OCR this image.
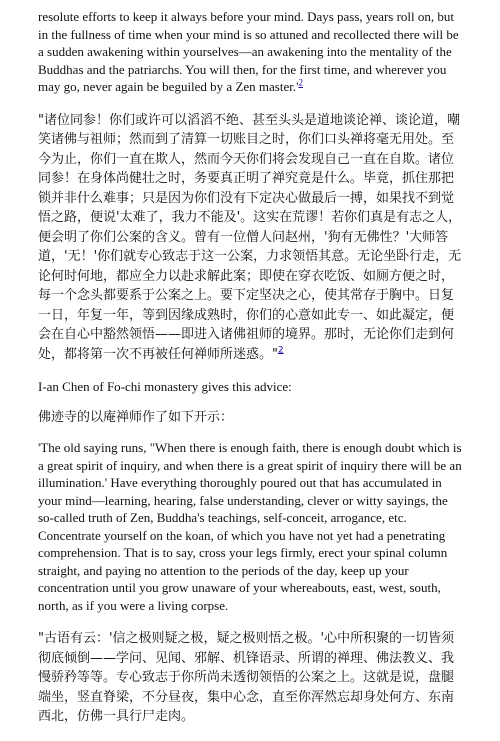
resolute efforts to keep it always before your mind. Days pass, years roll on, but in the fullness of time when your mind is so attuned and recollected there will be a sudden awakening within yourselves—an awakening into the mentality of the Buddhas and the patriarchs. You will then, for the first time, and wherever you may go, never again be beguiled by a Zen master.'$^2$

"诸位同参！你们或许可以滔滔不绝、甚至头头是道地谈论禅、谈论道，嘲笑诸佛与祖师；然而到了清算一切账目之时，你们口头禅将毫无用处。至今为止，你们一直在欺人，然而今天你们将会发现自己一直在自欺。诸位同参！在身体尚健壮之时，务要真正明了禅究竟是什么。毕竟，抓住那把锁并非什么难事；只是因为你们没有下定决心做最后一搏，如果找不到觉悟之路，便说'太难了，我力不能及'。这实在荒谬！若你们真是有志之人，便会明了你们公案的含义。曾有一位僧人问赵州，'狗有无佛性？'大师答道，'无！'你们就专心致志于这一公案，力求领悟其意。无论坐卧行走，无论何时何地，都应全力以赴求解此案；即使在穿衣吃饭、如厕方便之时，每一个念头都要系于公案之上。要下定坚决之心，使其常存于胸中。日复一日，年复一年，等到因缘成熟时，你们的心意如此专一、如此凝定，便会在自心中豁然领悟——即进入诸佛祖师的境界。那时，无论你们走到何处，都将第一次不再被任何禅师所迷惑。"$^2$

I-an Chen of Fo-chi monastery gives this advice:

佛迹寺的以庵禅师作了如下开示：

'The old saying runs, "When there is enough faith, there is enough doubt which is a great spirit of inquiry, and when there is a great spirit of inquiry there will be an illumination.' Have everything thoroughly poured out that has accumulated in your mind—learning, hearing, false understanding, clever or witty sayings, the so-called truth of Zen, Buddha's teachings, self-conceit, arrogance, etc. Concentrate yourself on the koan, of which you have not yet had a penetrating comprehension. That is to say, cross your legs firmly, erect your spinal column straight, and paying no attention to the periods of the day, keep up your concentration until you grow unaware of your whereabouts, east, west, south, north, as if you were a living corpse.

"古语有云：'信之极则疑之极，疑之极则悟之极。'心中所积聚的一切皆须彻底倾倒——学问、见闻、邪解、机锋语录、所谓的禅理、佛法教义、我慢骄矜等等。专心致志于你所尚未透彻领悟的公案之上。这就是说，盘腿端坐，竖直脊梁，不分昼夜，集中心念，直至你浑然忘却身处何方、东南西北，仿佛一具行尸走肉。
